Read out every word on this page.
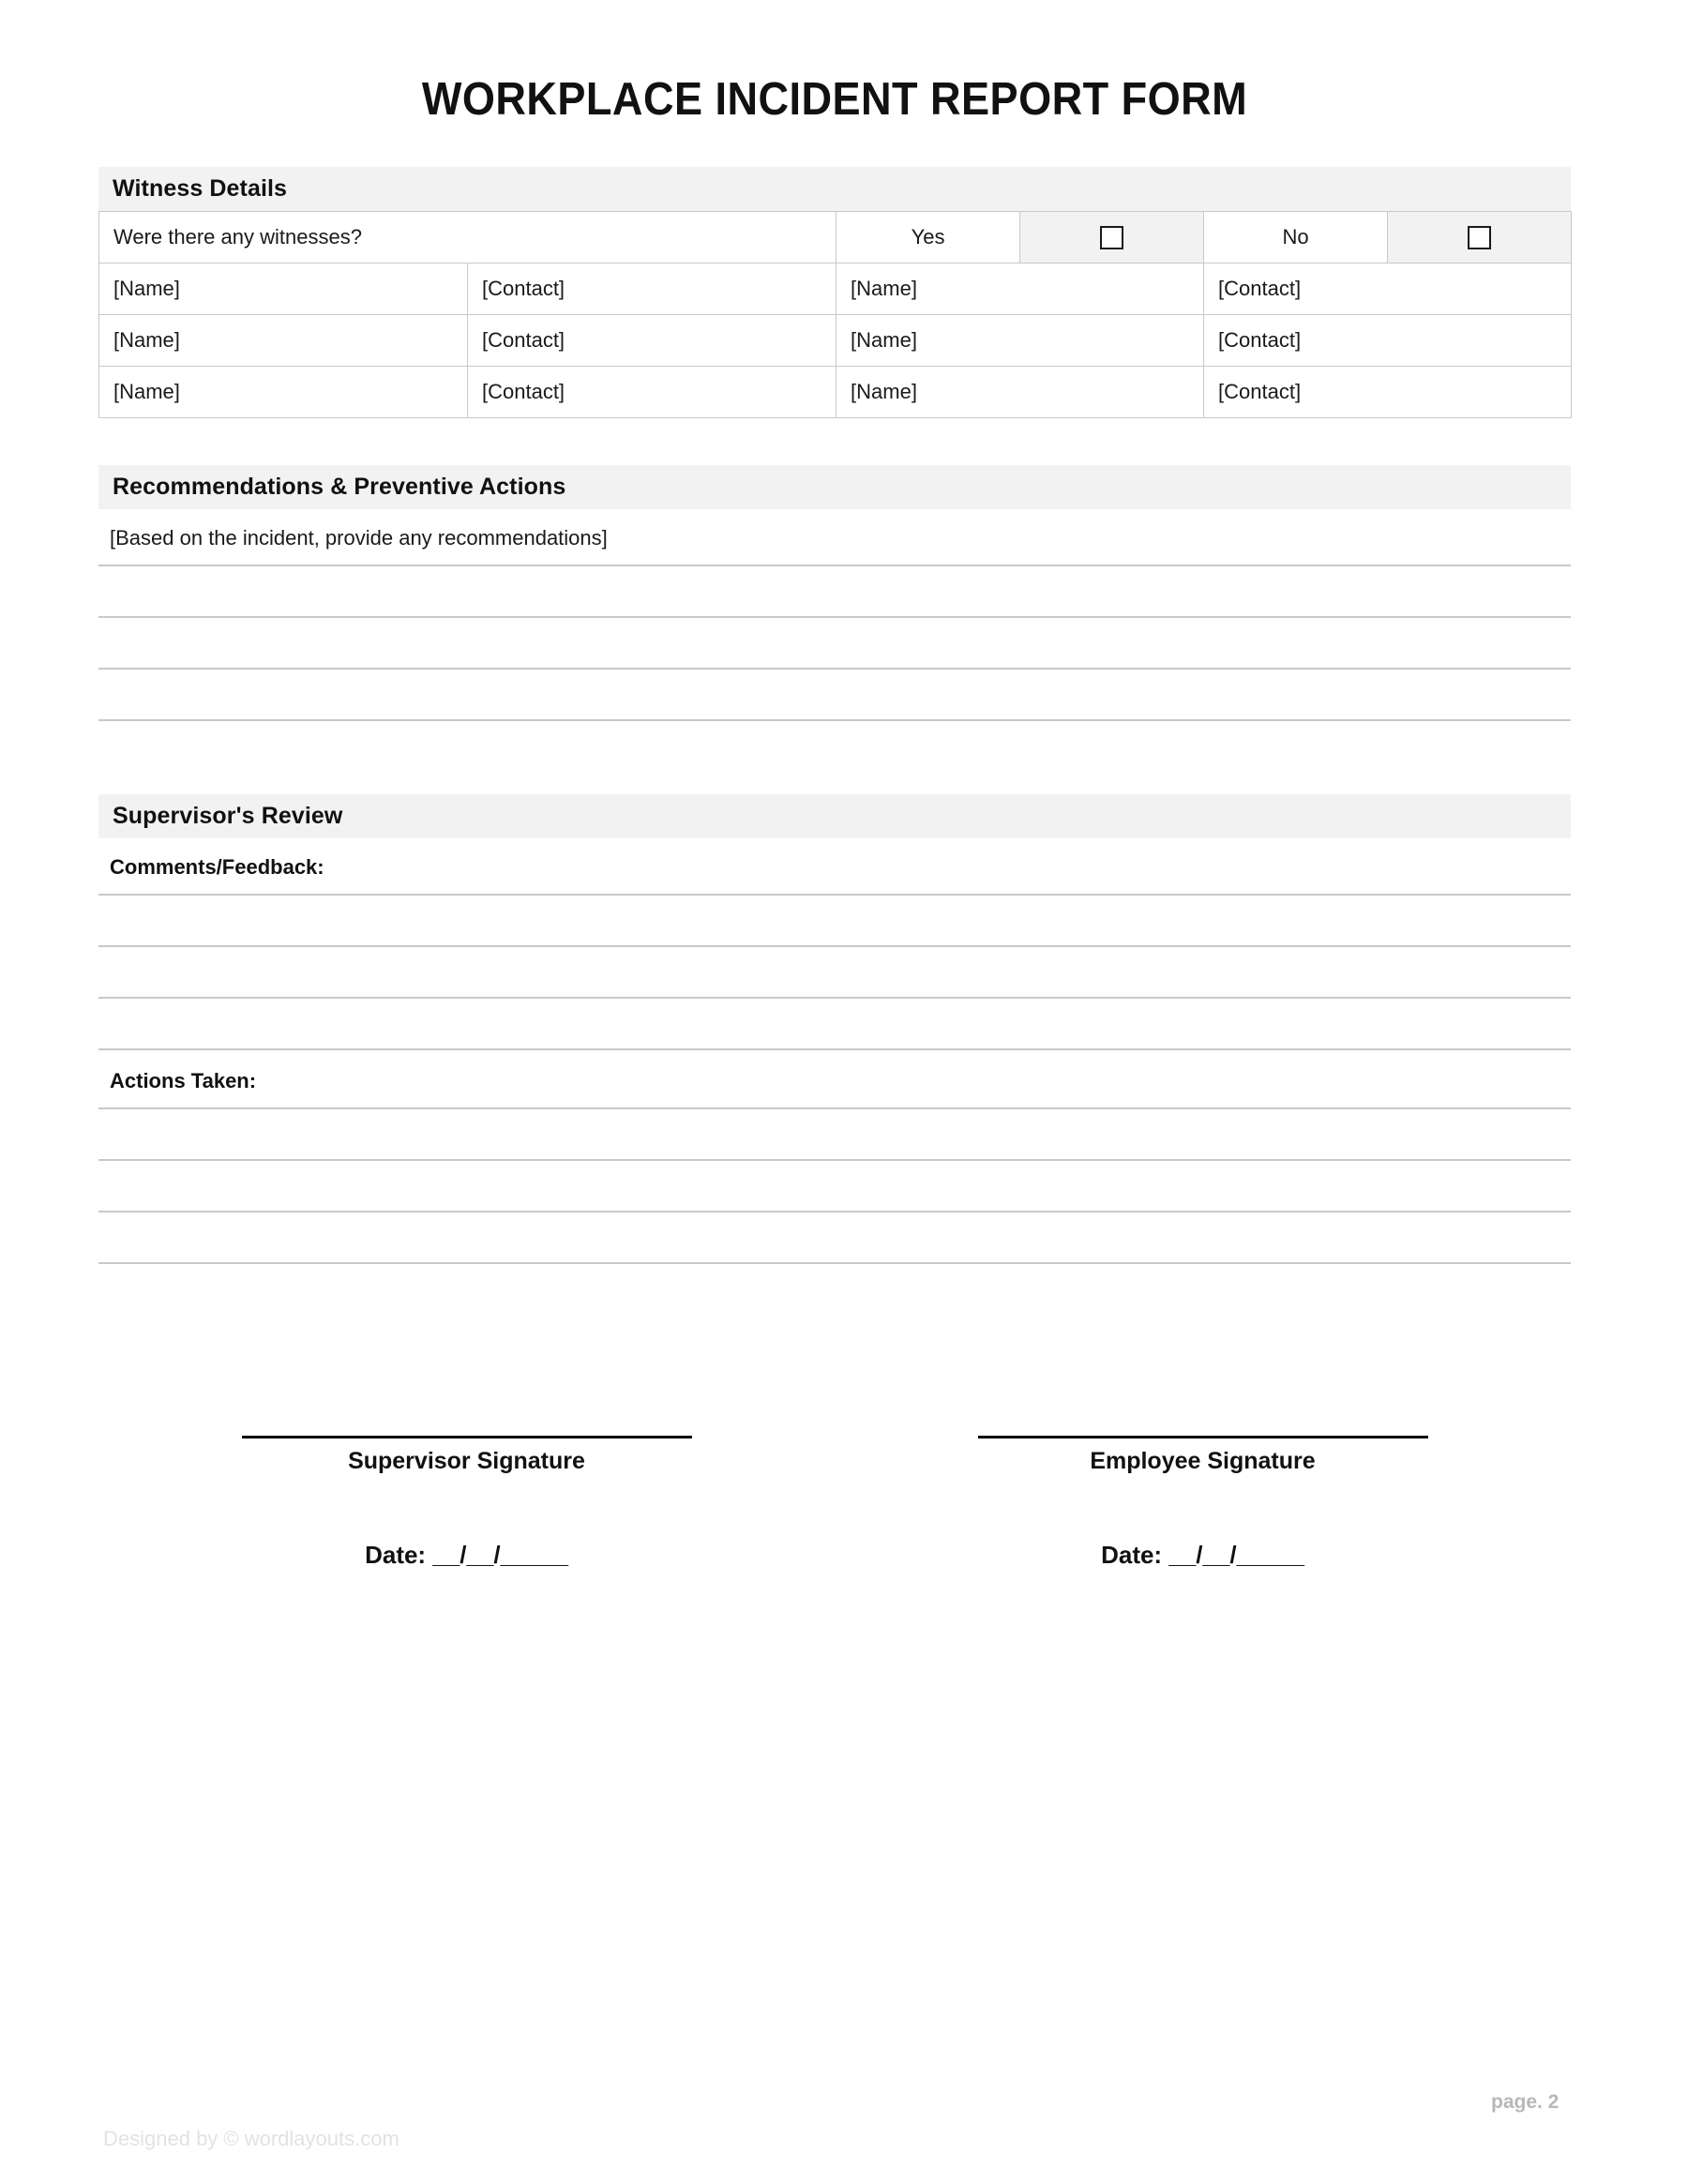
WORKPLACE INCIDENT REPORT FORM
Witness Details
Were there any witnesses?		Yes		No	
[Name]	[Contact]	[Name]		[Contact]	
[Name]	[Contact]	[Name]		[Contact]	
[Name]	[Contact]	[Name]		[Contact]	
Recommendations & Preventive Actions
[Based on the incident, provide any recommendations]
Supervisor's Review
Comments/Feedback:
Actions Taken:
Supervisor Signature	Employee Signature
Date: __/__/_____	Date: __/__/_____
Designed by © wordlayouts.com
page. 2
